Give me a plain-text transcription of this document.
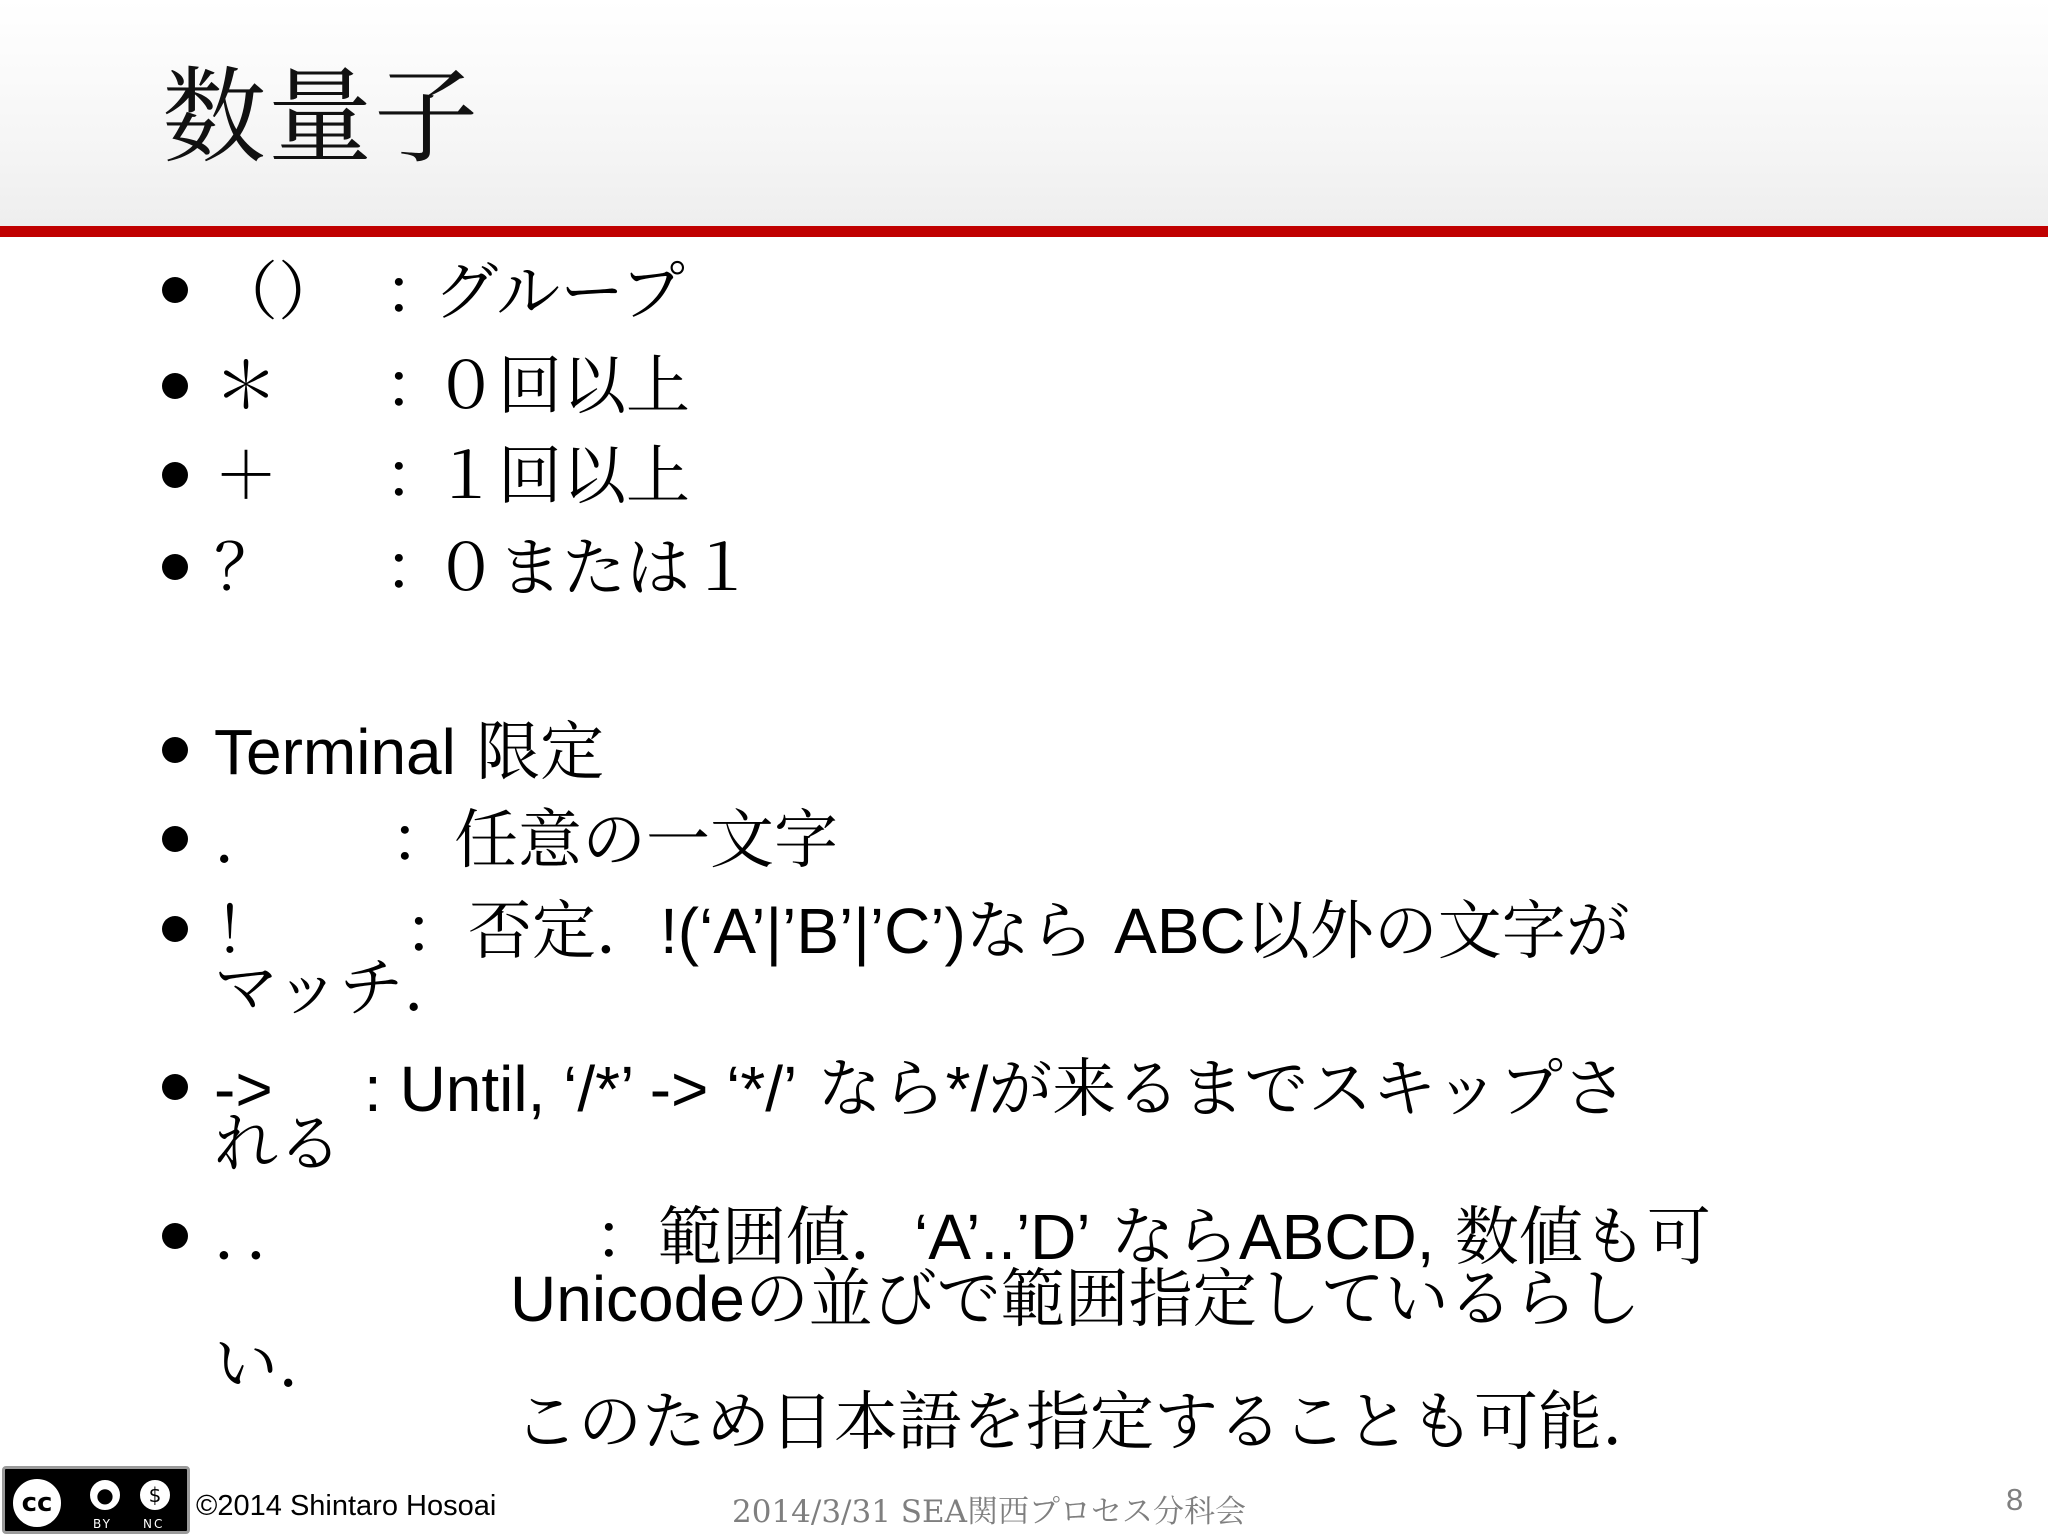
数量子
（） ：グループ
＊ ：０回以上
＋ ：１回以上
？ ：０または１
Terminal 限定
. ：任意の一文字
！ ：否定．!(‘A’|’B’|’C’)なら ABC以外の文字が
マッチ.
-> : Until, ‘/*’ -> ‘*/’ なら*/が来るまでスキップさ
れる
．．	：範囲値．‘A’..’D’ ならABCD, 数値も可
Unicodeの並びで範囲指定しているらし
い.
このため日本語を指定することも可能.
cc	●	$
BY	NC
©2014 Shintaro Hosoai	2014/3/31 SEA関西プロセス分科会	8
